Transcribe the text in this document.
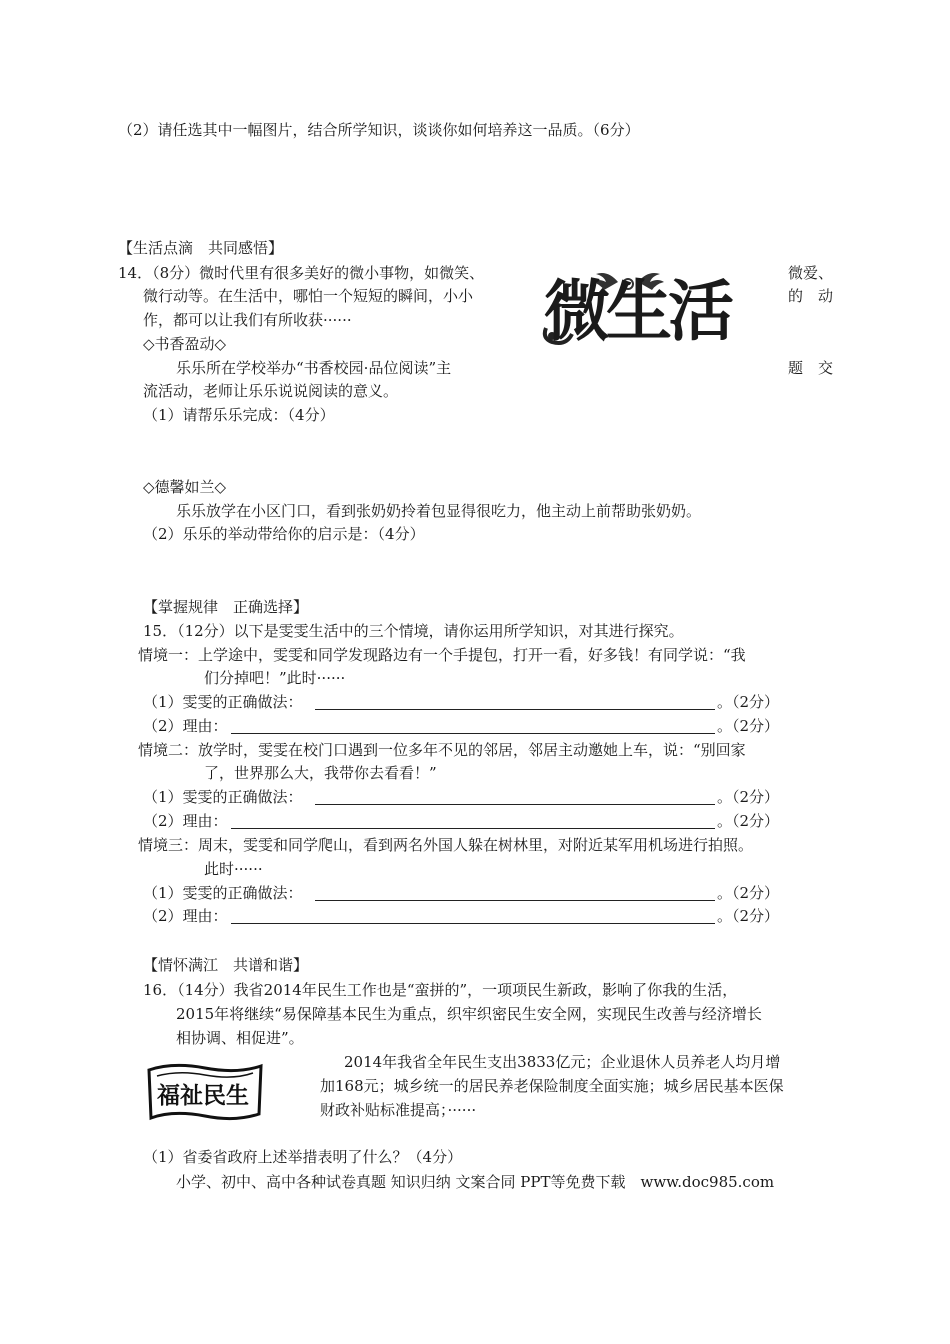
（2）请任选其中一幅图片，结合所学知识，谈谈你如何培养这一品质。（6分）
【生活点滴　共同感悟】
14．（8分）微时代里有很多美好的微小事物，如微笑、	微爱、
微行动等。在生活中，哪怕一个短短的瞬间，小小	的　动
作，都可以让我们有所收获······	微生活
◇书香盈动◇
乐乐所在学校举办“书香校园·品位阅读”主	题　交
流活动，老师让乐乐说说阅读的意义。
（1）请帮乐乐完成：（4分）
◇德馨如兰◇
乐乐放学在小区门口，看到张奶奶拎着包显得很吃力，他主动上前帮助张奶奶。
（2）乐乐的举动带给你的启示是：（4分）
【掌握规律　正确选择】
15．（12分）以下是雯雯生活中的三个情境，请你运用所学知识，对其进行探究。
情境一：上学途中，雯雯和同学发现路边有一个手提包，打开一看，好多钱！有同学说：“我
们分掉吧！”此时······
（1）雯雯的正确做法：	。（2分）
（2）理由：	。（2分）
情境二：放学时，雯雯在校门口遇到一位多年不见的邻居，邻居主动邀她上车，说：“别回家
了，世界那么大，我带你去看看！”
（1）雯雯的正确做法：	。（2分）
（2）理由：	。（2分）
情境三：周末，雯雯和同学爬山，看到两名外国人躲在树林里，对附近某军用机场进行拍照。
此时······
（1）雯雯的正确做法：	。（2分）
（2）理由：	。（2分）
【情怀满江　共谱和谐】
16．（14分）我省2014年民生工作也是“蛮拼的”，一项项民生新政，影响了你我的生活，
2015年将继续“易保障基本民生为重点，织牢织密民生安全网，实现民生改善与经济增长
相协调、相促进”。
福祉民生
2014年我省全年民生支出3833亿元；企业退休人员养老人均月增
加168元；城乡统一的居民养老保险制度全面实施；城乡居民基本医保
财政补贴标准提高；······
（1）省委省政府上述举措表明了什么？（4分）
小学、初中、高中各种试卷真题 知识归纳 文案合同 PPT等免费下载　www.doc985.com
